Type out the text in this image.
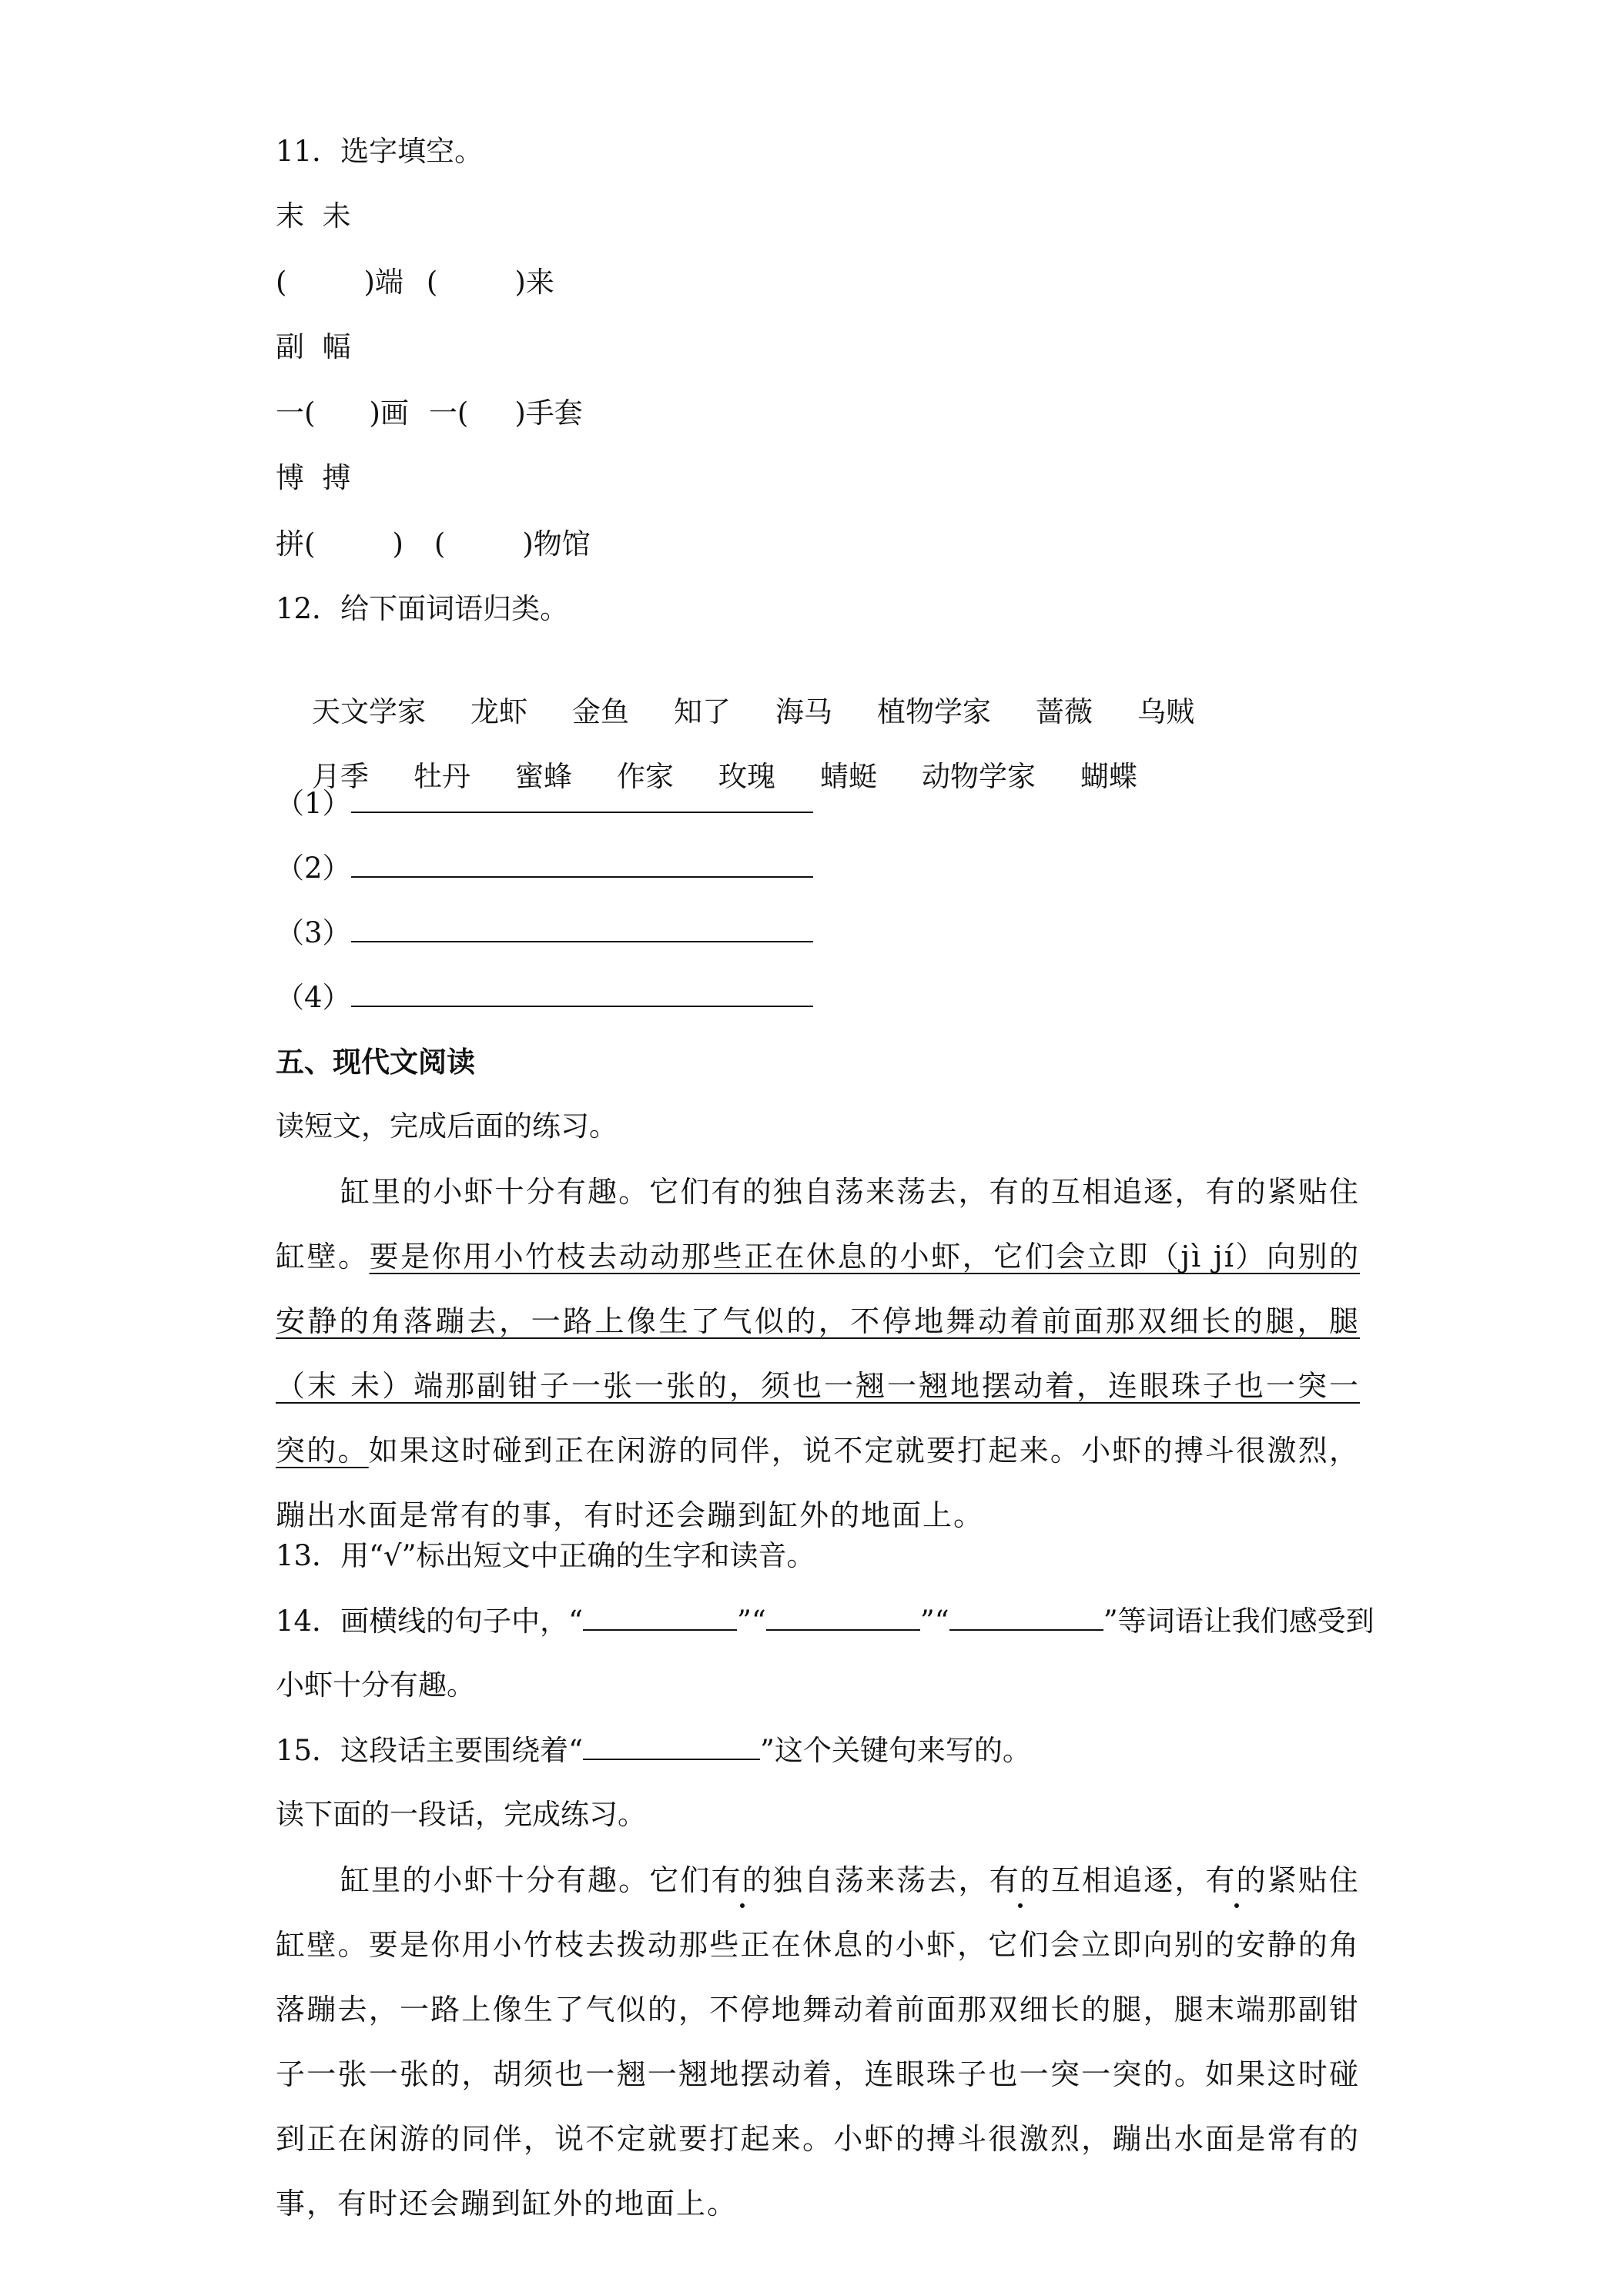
11．选字填空。
末  未
(	)端 (	)来
副  幅
一( )画 一( )手套
博  搏
拼(	) (	)物馆
12．给下面词语归类。

天文学家 龙虾 金鱼 知了 海马 植物学家 蔷薇 乌贼

月季 牡丹 蜜蜂 作家 玫瑰 蜻蜓 动物学家 蝴蝶

（1）
（2）
（3）
（4）
五、现代文阅读
读短文，完成后面的练习。

缸里的小虾十分有趣。它们有的独自荡来荡去，有的互相追逐，有的紧贴住缸壁。要是你用小竹枝去动动那些正在休息的小虾，它们会立即（jì jí）向别的安静的角落蹦去，一路上像生了气似的，不停地舞动着前面那双细长的腿，腿（末 未）端那副钳子一张一张的，须也一翘一翘地摆动着，连眼珠子也一突一突的。如果这时碰到正在闲游的同伴，说不定就要打起来。小虾的搏斗很激烈，蹦出水面是常有的事，有时还会蹦到缸外的地面上。

13．用“√”标出短文中正确的生字和读音。
14．画横线的句子中，“	”“	”“	”等词语让我们感受到
小虾十分有趣。
15．这段话主要围绕着“	”这个关键句来写的。
读下面的一段话，完成练习。

缸里的小虾十分有趣。它们有的独自荡来荡去，有的互相追逐，有的紧贴住缸壁。要是你用小竹枝去拨动那些正在休息的小虾，它们会立即向别的安静的角落蹦去，一路上像生了气似的，不停地舞动着前面那双细长的腿，腿末端那副钳子一张一张的，胡须也一翘一翘地摆动着，连眼珠子也一突一突的。如果这时碰到正在闲游的同伴，说不定就要打起来。小虾的搏斗很激烈，蹦出水面是常有的事，有时还会蹦到缸外的地面上。
